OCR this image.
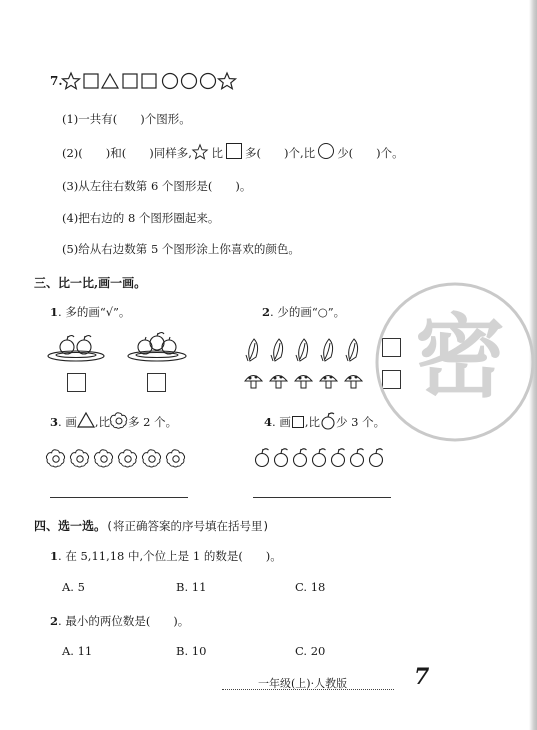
7.
(1)一共有(　　)个图形。
(2)(　　)和(　　)同样多, 比 多(　　)个,比 少(　　)个。
(3)从左往右数第 6 个图形是(　　)。
(4)把右边的 8 个图形圈起来。
(5)给从右边数第 5 个图形涂上你喜欢的颜色。
三、比一比,画一画。
1. 多的画“√”。	2. 少的画“○”。
3. 画 ,比 多 2 个。	4. 画 ,比 少 3 个。
四、选一选。(将正确答案的序号填在括号里)
1. 在 5,11,18 中,个位上是 1 的数是(　　)。
A. 5	B. 11	C. 18
2. 最小的两位数是(　　)。
A. 11	B. 10	C. 20
一年级(上)·人教版	7
密
